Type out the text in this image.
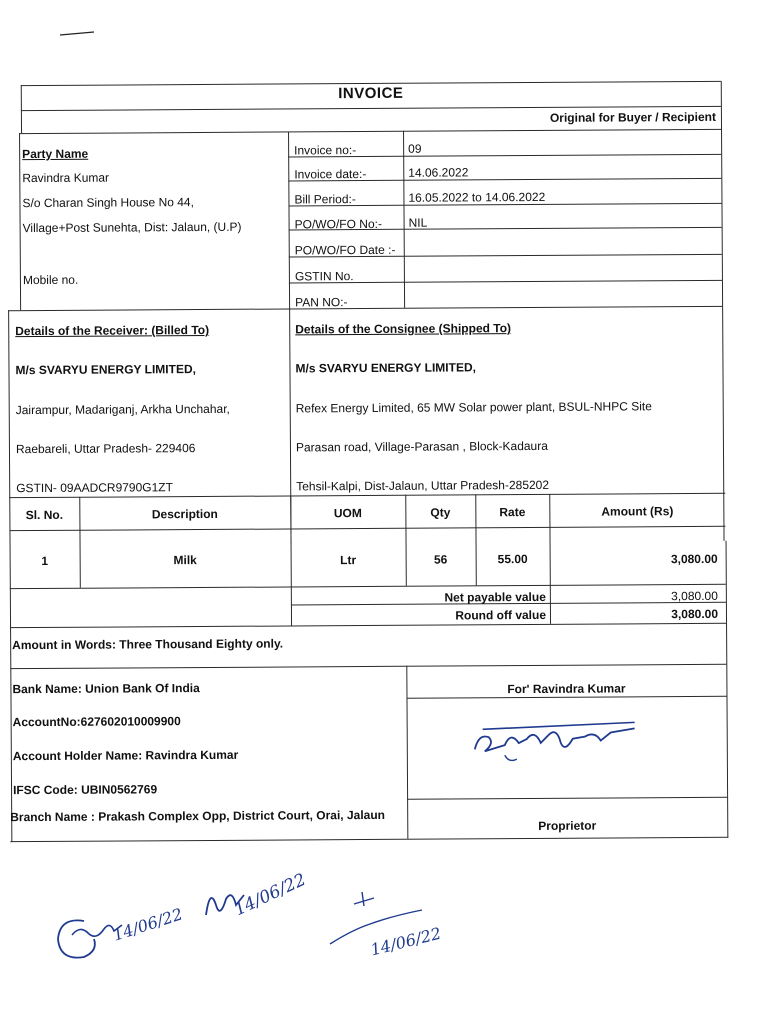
INVOICE
Original for Buyer / Recipient
Party Name
Ravindra Kumar
S/o Charan Singh House No 44,
Village+Post Sunehta, Dist: Jalaun, (U.P)
Mobile no.
Invoice no:-	09
Invoice date:-	14.06.2022
Bill Period:-	16.05.2022 to 14.06.2022
PO/WO/FO No:- NIL
PO/WO/FO Date :-
GSTIN No.
PAN NO:-
Details of the Receiver: (Billed To)
M/s SVARYU ENERGY LIMITED,
Jairampur, Madariganj, Arkha Unchahar,
Raebareli, Uttar Pradesh- 229406
GSTIN- 09AADCR9790G1ZT
Details of the Consignee (Shipped To)
M/s SVARYU ENERGY LIMITED,
Refex Energy Limited, 65 MW Solar power plant, BSUL-NHPC Site
Parasan road, Village-Parasan , Block-Kadaura
Tehsil-Kalpi, Dist-Jalaun, Uttar Pradesh-285202
Sl. No.	Description	UOM	Qty	Rate	Amount (Rs)
1	Milk	Ltr	56	55.00	3,080.00
Net payable value	3,080.00
Round off value	3,080.00
Amount in Words: Three Thousand Eighty only.
Bank Name: Union Bank Of India
AccountNo:627602010009900
Account Holder Name: Ravindra Kumar
IFSC Code: UBIN0562769
Branch Name : Prakash Complex Opp, District Court, Orai, Jalaun
For' Ravindra Kumar
Proprietor
14/06/22
14/06/22
14/06/22
